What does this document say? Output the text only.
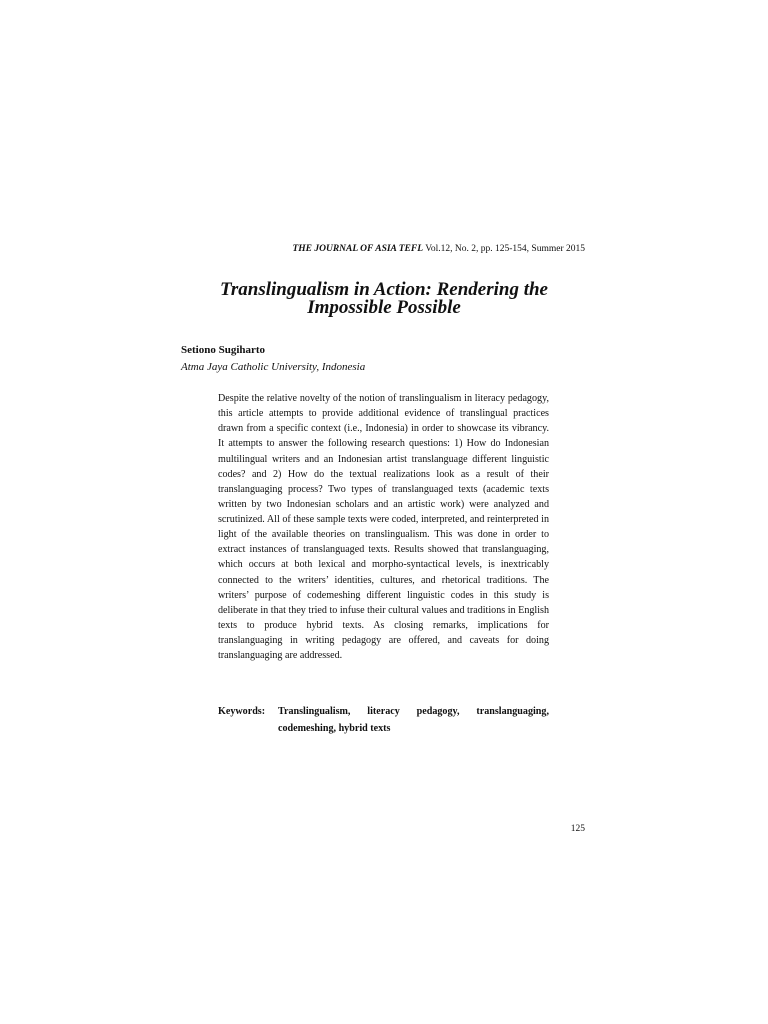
THE JOURNAL OF ASIA TEFL Vol.12, No. 2, pp. 125-154, Summer 2015
Translingualism in Action: Rendering the Impossible Possible
Setiono Sugiharto
Atma Jaya Catholic University, Indonesia

Despite the relative novelty of the notion of translingualism in literacy pedagogy, this article attempts to provide additional evidence of translingual practices drawn from a specific context (i.e., Indonesia) in order to showcase its vibrancy. It attempts to answer the following research questions: 1) How do Indonesian multilingual writers and an Indonesian artist translanguage different linguistic codes? and 2) How do the textual realizations look as a result of their translanguaging process? Two types of translanguaged texts (academic texts written by two Indonesian scholars and an artistic work) were analyzed and scrutinized. All of these sample texts were coded, interpreted, and reinterpreted in light of the available theories on translingualism. This was done in order to extract instances of translanguaged texts. Results showed that translanguaging, which occurs at both lexical and morpho-syntactical levels, is inextricably connected to the writers’ identities, cultures, and rhetorical traditions. The writers’ purpose of codemeshing different linguistic codes in this study is deliberate in that they tried to infuse their cultural values and traditions in English texts to produce hybrid texts. As closing remarks, implications for translanguaging in writing pedagogy are offered, and caveats for doing translanguaging are addressed.

Keywords:	Translingualism, literacy pedagogy, translanguaging, codemeshing, hybrid texts
125
